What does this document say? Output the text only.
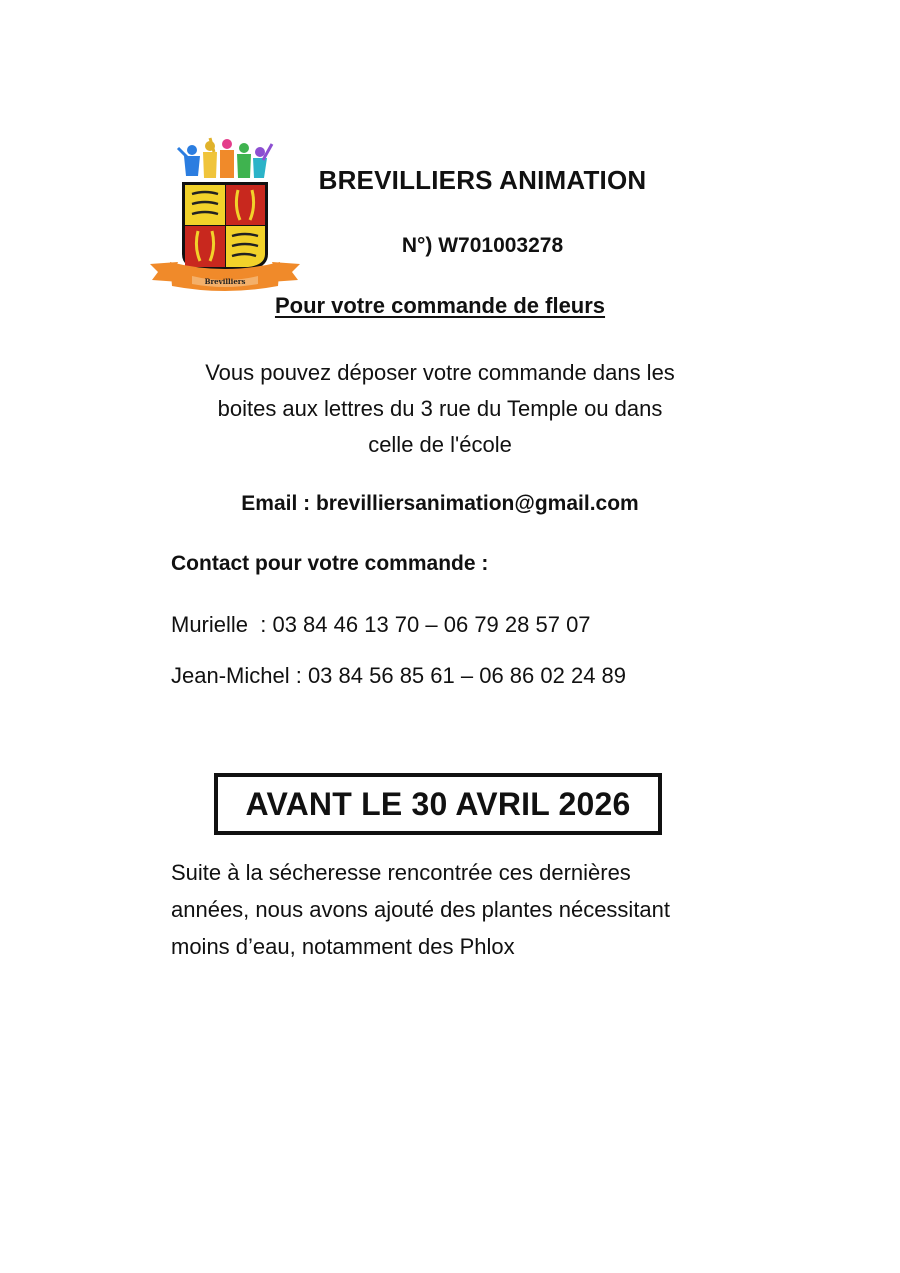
Brevilliers
BREVILLIERS ANIMATION
N°) W701003278
Pour votre commande de fleurs
Vous pouvez déposer votre commande dans les
boites aux lettres du 3 rue du Temple ou dans
celle de l'école
Email : brevilliersanimation@gmail.com
Contact pour votre commande :
Murielle  : 03 84 46 13 70 – 06 79 28 57 07
Jean-Michel : 03 84 56 85 61 – 06 86 02 24 89
AVANT LE 30 AVRIL 2026
Suite à la sécheresse rencontrée ces dernières
années, nous avons ajouté des plantes nécessitant
moins d’eau, notamment des Phlox
